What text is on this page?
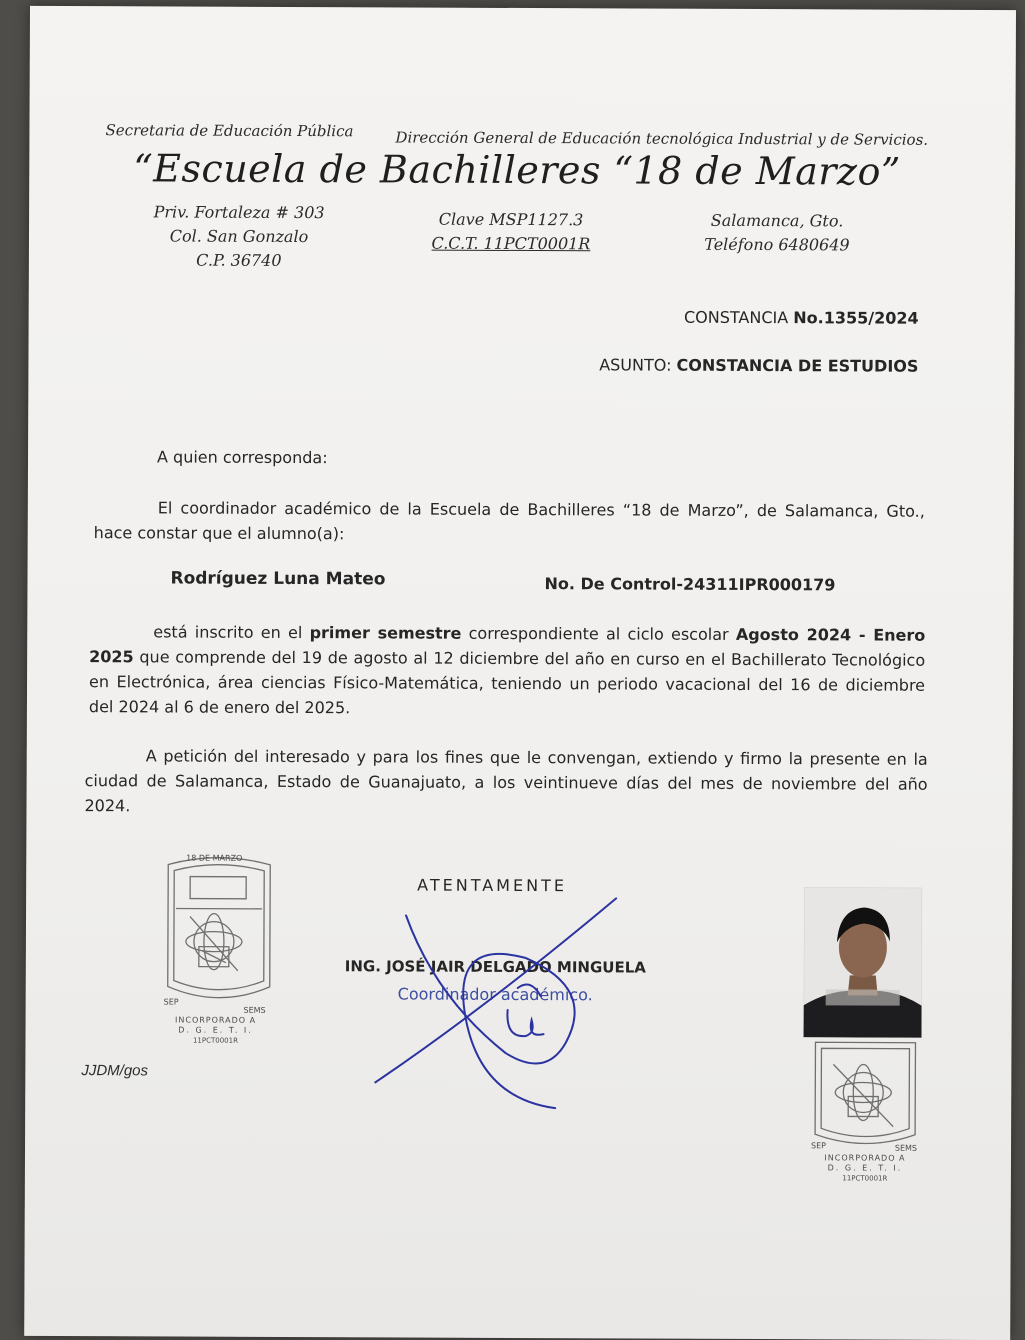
Secretaria de Educación Pública	Dirección General de Educación tecnológica Industrial y de Servicios.
“Escuela de Bachilleres “18 de Marzo”
Priv. Fortaleza # 303
Col. San Gonzalo
C.P. 36740
Clave MSP1127.3
C.C.T. 11PCT0001R
Salamanca, Gto.
Teléfono 6480649
CONSTANCIA No.1355/2024
ASUNTO: CONSTANCIA DE ESTUDIOS
A quien corresponda:
El coordinador académico de la Escuela de Bachilleres “18 de Marzo”, de Salamanca, Gto., hace constar que el alumno(a):
Rodríguez Luna Mateo	No. De Control-24311IPR000179
está inscrito en el primer semestre correspondiente al ciclo escolar Agosto 2024 - Enero 2025 que comprende del 19 de agosto al 12 diciembre del año en curso en el Bachillerato Tecnológico en Electrónica, área ciencias Físico-Matemática, teniendo un periodo vacacional del 16 de diciembre del 2024 al 6 de enero del 2025.
A petición del interesado y para los fines que le convengan, extiendo y firmo la presente en la ciudad de Salamanca, Estado de Guanajuato, a los veintinueve días del mes de noviembre del año 2024.
18 DE MARZO
SEP
SEMS
INCORPORADO A
D. G. E. T. I.
11PCT0001R
ATENTAMENTE
ING. JOSÉ JAIR DELGADO MINGUELA
Coordinador académico.
SEP	SEMS
INCORPORADO A
D. G. E. T. I.
11PCT0001R
JJDM/gos
